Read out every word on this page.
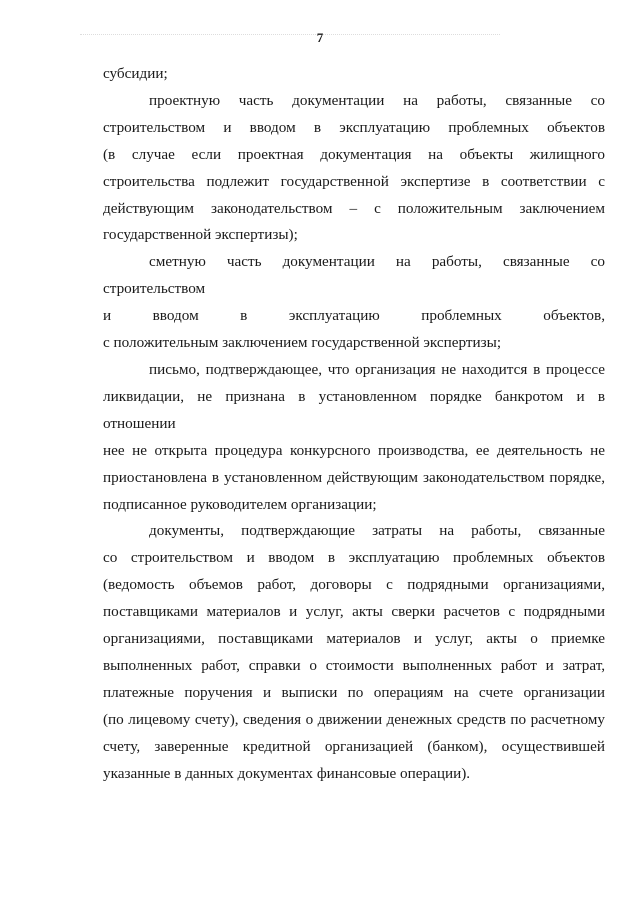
7
субсидии;
проектную часть документации на работы, связанные со
строительством и вводом в эксплуатацию проблемных объектов
(в случае если проектная документация на объекты жилищного
строительства подлежит государственной экспертизе в соответствии с
действующим законодательством – с положительным заключением
государственной экспертизы);
сметную часть документации на работы, связанные со строительством
и вводом в эксплуатацию проблемных объектов,
с положительным заключением государственной экспертизы;
письмо, подтверждающее, что организация не находится в процессе
ликвидации, не признана в установленном порядке банкротом и в отношении
нее не открыта процедура конкурсного производства, ее деятельность не
приостановлена в установленном действующим законодательством порядке,
подписанное руководителем организации;
документы, подтверждающие затраты на работы, связанные
со строительством и вводом в эксплуатацию проблемных объектов
(ведомость объемов работ, договоры с подрядными организациями,
поставщиками материалов и услуг, акты сверки расчетов с подрядными
организациями, поставщиками материалов и услуг, акты о приемке
выполненных работ, справки о стоимости выполненных работ и затрат,
платежные поручения и выписки по операциям на счете организации
(по лицевому счету), сведения о движении денежных средств по расчетному
счету, заверенные кредитной организацией (банком), осуществившей
указанные в данных документах финансовые операции).
